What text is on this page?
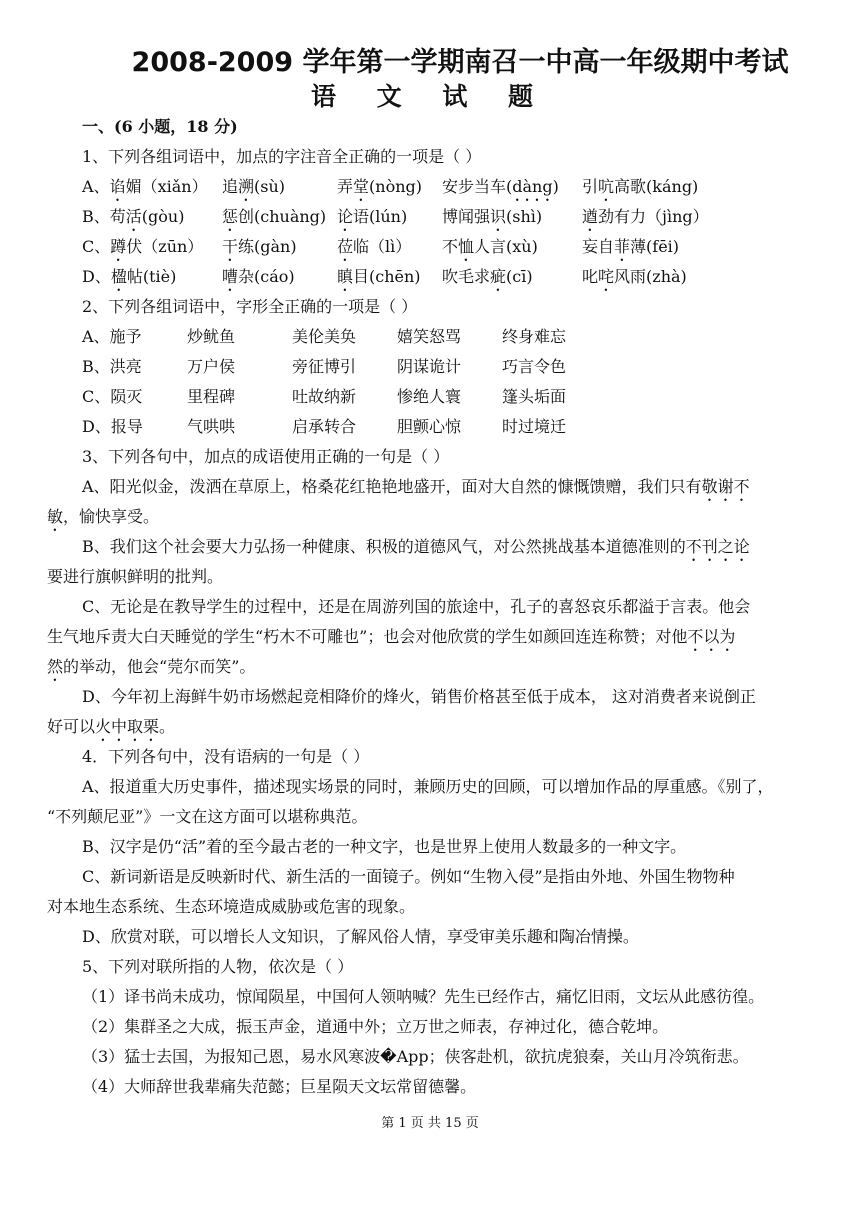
2008-2009 学年第一学期南召一中高一年级期中考试
语 文 试 题
一、(6 小题，18 分)
1、下列各组词语中，加点的字注音全正确的一项是（ ）
A、谄媚（xiǎn） 追溯(sù)	弄堂(nòng) 安步当车(dàng) 引吭高歌(káng)
B、苟活(gòu) 惩创(chuàng) 论语(lún) 博闻强识(shì) 遒劲有力（jìng）
C、蹲伏（zūn） 干练(gàn)	莅临（lì） 不恤人言(xù)	妄自菲薄(fēi)
D、楹帖(tiè)	嘈杂(cáo)	瞋目(chēn) 吹毛求疵(cī)	叱咤风雨(zhà)
2、下列各组词语中，字形全正确的一项是（ ）
A、施予	炒鱿鱼	美伦美奂	嬉笑怒骂	终身难忘
B、洪亮	万户侯	旁征博引	阴谋诡计	巧言令色
C、陨灭	里程碑	吐故纳新	惨绝人寰	篷头垢面
D、报导	气哄哄	启承转合	胆颤心惊	时过境迁
3、下列各句中，加点的成语使用正确的一句是（ ）
A、阳光似金，泼洒在草原上，格桑花红艳艳地盛开，面对大自然的慷慨馈赠，我们只有敬谢不
敏，愉快享受。
B、我们这个社会要大力弘扬一种健康、积极的道德风气，对公然挑战基本道德准则的不刊之论
要进行旗帜鲜明的批判。
C、无论是在教导学生的过程中，还是在周游列国的旅途中，孔子的喜怒哀乐都溢于言表。他会
生气地斥责大白天睡觉的学生“朽木不可雕也”；也会对他欣赏的学生如颜回连连称赞；对他不以为
然的举动，他会“莞尔而笑”。
D、今年初上海鲜牛奶市场燃起竞相降价的烽火，销售价格甚至低于成本， 这对消费者来说倒正
好可以火中取栗。
4．下列各句中，没有语病的一句是（ ）
A、报道重大历史事件，描述现实场景的同时，兼顾历史的回顾，可以增加作品的厚重感。《别了，
“不列颠尼亚”》一文在这方面可以堪称典范。
B、汉字是仍“活”着的至今最古老的一种文字，也是世界上使用人数最多的一种文字。
C、新词新语是反映新时代、新生活的一面镜子。例如“生物入侵”是指由外地、外国生物物种
对本地生态系统、生态环境造成威胁或危害的现象。
D、欣赏对联，可以增长人文知识，了解风俗人情，享受审美乐趣和陶冶情操。
5、下列对联所指的人物，依次是（ ）
（1）译书尚未成功，惊闻陨星，中国何人领呐喊？先生已经作古，痛忆旧雨，文坛从此感彷徨。
（2）集群圣之大成，振玉声金，道通中外；立万世之师表，存神过化，德合乾坤。
（3）猛士去国，为报知己恩，易水风寒波�App；侠客赴机，欲抗虎狼秦，关山月冷筑衔悲。
（4）大师辞世我辈痛失范懿；巨星陨天文坛常留德馨。
第 1 页 共 15 页
